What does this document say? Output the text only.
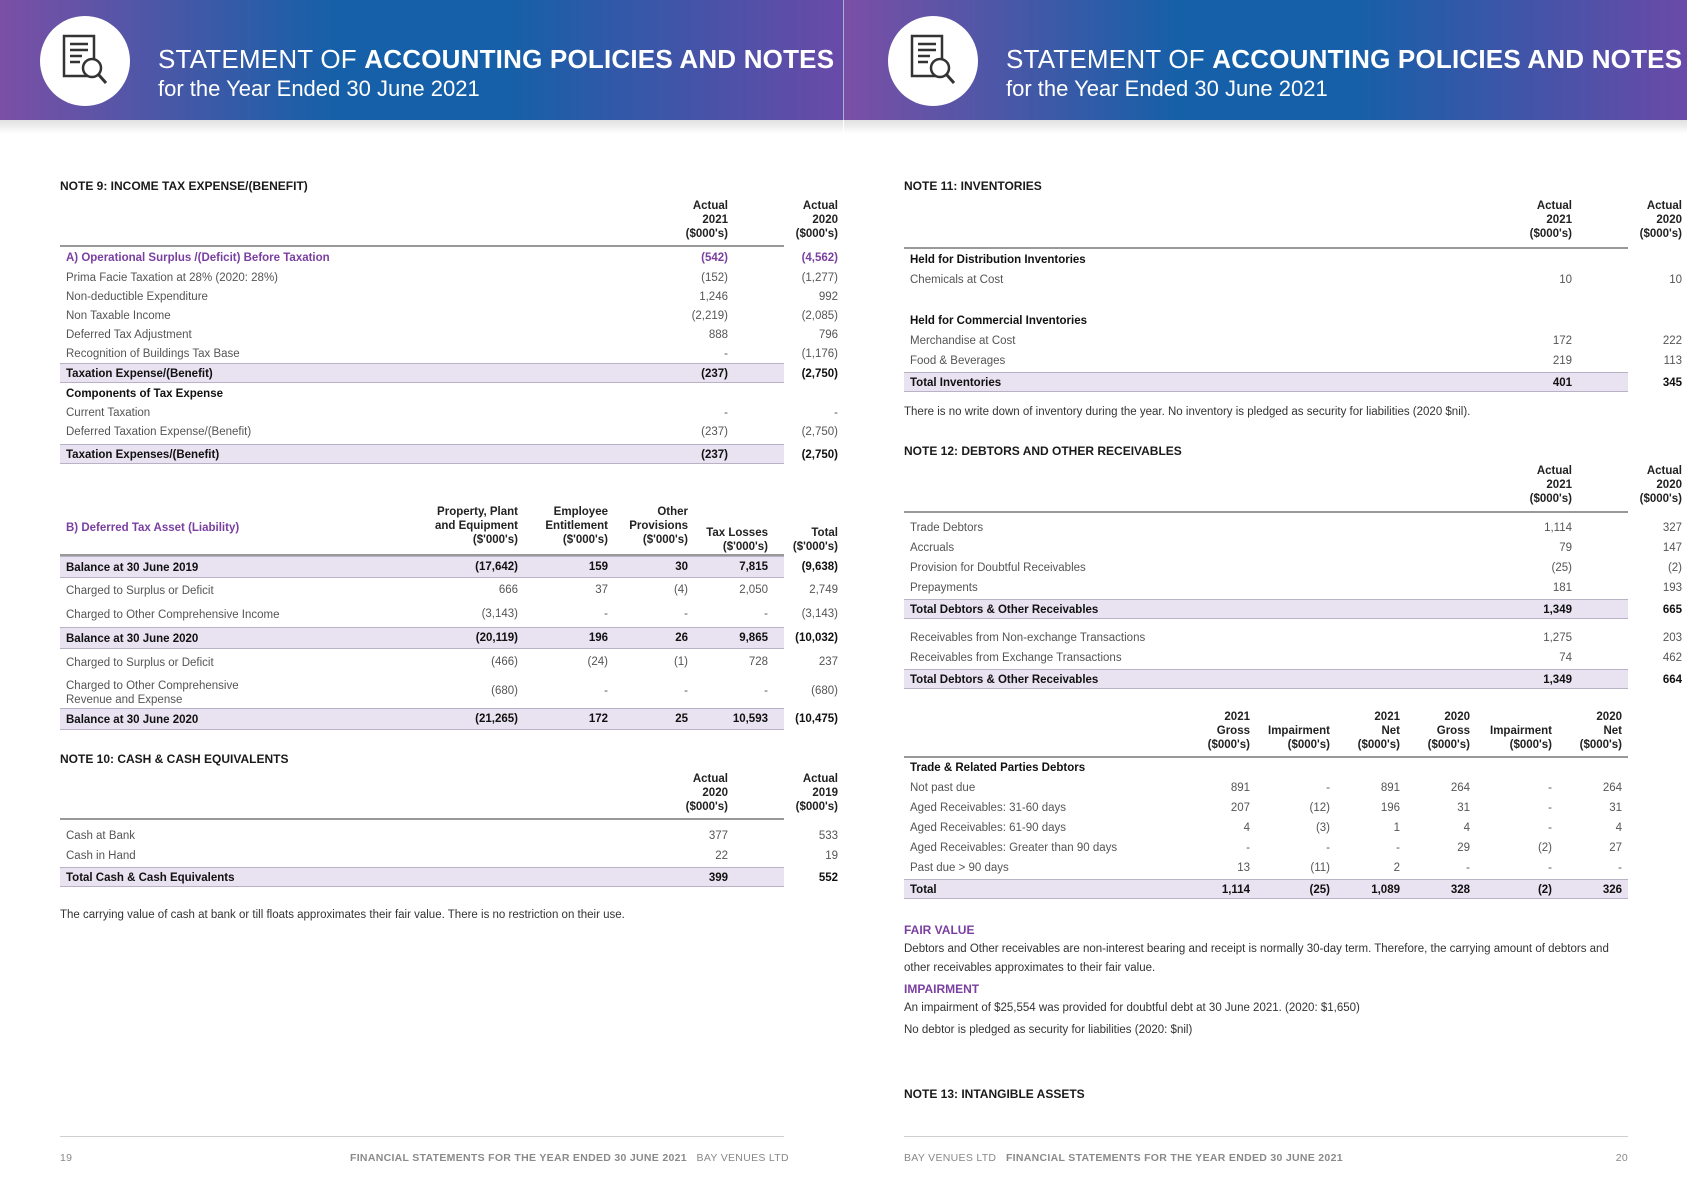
STATEMENT OF ACCOUNTING POLICIES AND NOTES
for the Year Ended 30 June 2021
STATEMENT OF ACCOUNTING POLICIES AND NOTES
for the Year Ended 30 June 2021
NOTE 9: INCOME TAX EXPENSE/(BENEFIT)
Actual
2021
($000's)
Actual
2020
($000's)
A) Operational Surplus /(Deficit) Before Taxation	(542)	(4,562)
Prima Facie Taxation at 28% (2020: 28%)	(152)	(1,277)
Non-deductible Expenditure	1,246	992
Non Taxable Income	(2,219)	(2,085)
Deferred Tax Adjustment	888	796
Recognition of Buildings Tax Base	-	(1,176)
Taxation Expense/(Benefit)	(237)	(2,750)
Components of Tax Expense
Current Taxation	-	-
Deferred Taxation Expense/(Benefit)	(237)	(2,750)
Taxation Expenses/(Benefit)	(237)	(2,750)
B) Deferred Tax Asset (Liability)
Property, Plant
and Equipment
($'000's)
Employee
Entitlement
($'000's)
Other
Provisions
($'000's)
Tax Losses
($'000's)
Total
($'000's)
Balance at 30 June 2019	(17,642)	159	30	7,815	(9,638)
Charged to Surplus or Deficit	666	37	(4)	2,050	2,749
Charged to Other Comprehensive Income	(3,143)	-	-	-	(3,143)
Balance at 30 June 2020	(20,119)	196	26	9,865	(10,032)
Charged to Surplus or Deficit	(466)	(24)	(1)	728	237
Charged to Other Comprehensive
Revenue and Expense
(680)	-	-	-	(680)
Balance at 30 June 2020	(21,265)	172	25	10,593	(10,475)
NOTE 10: CASH & CASH EQUIVALENTS
Actual
2020
($000's)
Actual
2019
($000's)
Cash at Bank	377	533
Cash in Hand	22	19
Total Cash & Cash Equivalents	399	552
The carrying value of cash at bank or till floats approximates their fair value. There is no restriction on their use.
19	FINANCIAL STATEMENTS FOR THE YEAR ENDED 30 JUNE 2021 BAY VENUES LTD
NOTE 11: INVENTORIES
Actual
2021
($000's)
Actual
2020
($000's)
Held for Distribution Inventories
Chemicals at Cost	10	10
Held for Commercial Inventories
Merchandise at Cost	172	222
Food & Beverages	219	113
Total Inventories	401	345
There is no write down of inventory during the year. No inventory is pledged as security for liabilities (2020 $nil).
NOTE 12: DEBTORS AND OTHER RECEIVABLES
Actual
2021
($000's)
Actual
2020
($000's)
Trade Debtors	1,114	327
Accruals	79	147
Provision for Doubtful Receivables	(25)	(2)
Prepayments	181	193
Total Debtors & Other Receivables	1,349	665
Receivables from Non-exchange Transactions	1,275	203
Receivables from Exchange Transactions	74	462
Total Debtors & Other Receivables	1,349	664
2021
Gross
($000's)
Impairment
($000's)
2021
Net
($000's)
2020
Gross
($000's)
Impairment
($000's)
2020
Net
($000's)
Trade & Related Parties Debtors
Not past due	891	-	891	264	-	264
Aged Receivables: 31-60 days	207	(12)	196	31	-	31
Aged Receivables: 61-90 days	4	(3)	1	4	-	4
Aged Receivables: Greater than 90 days	-	-	-	29	(2)	27
Past due > 90 days	13	(11)	2	-	-	-
Total	1,114	(25)	1,089	328	(2)	326
FAIR VALUE
Debtors and Other receivables are non-interest bearing and receipt is normally 30-day term. Therefore, the carrying amount of debtors and other receivables approximates to their fair value.
IMPAIRMENT
An impairment of $25,554 was provided for doubtful debt at 30 June 2021. (2020: $1,650)
No debtor is pledged as security for liabilities (2020: $nil)
NOTE 13: INTANGIBLE ASSETS
BAY VENUES LTD FINANCIAL STATEMENTS FOR THE YEAR ENDED 30 JUNE 2021	20
